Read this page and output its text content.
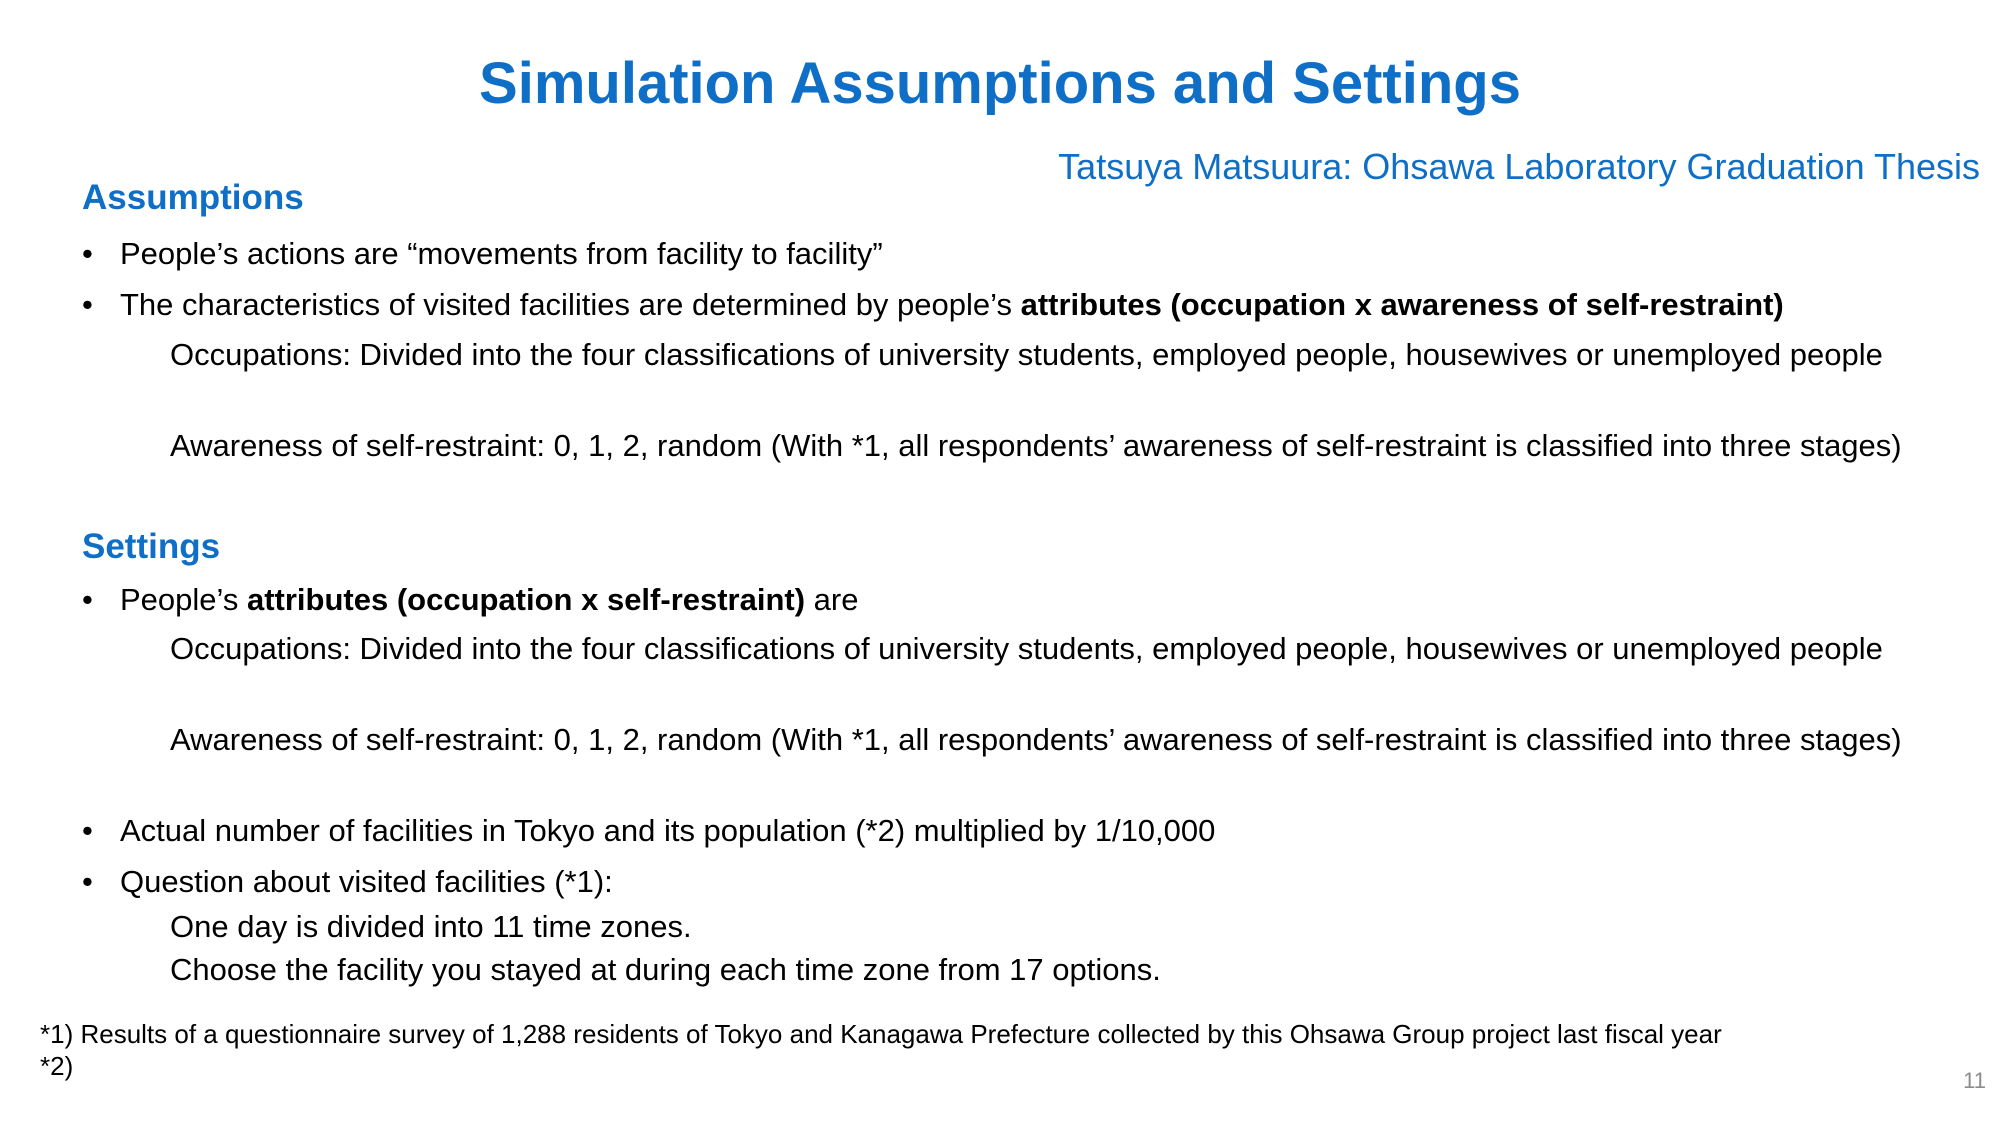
Simulation Assumptions and Settings
Tatsuya Matsuura: Ohsawa Laboratory Graduation Thesis
Assumptions
• People’s actions are “movements from facility to facility”
• The characteristics of visited facilities are determined by people’s attributes (occupation x awareness of self-restraint)
Occupations: Divided into the four classifications of university students, employed people, housewives or unemployed people
Awareness of self-restraint: 0, 1, 2, random (With *1, all respondents’ awareness of self-restraint is classified into three stages)
Settings
• People’s attributes (occupation x self-restraint) are
Occupations: Divided into the four classifications of university students, employed people, housewives or unemployed people
Awareness of self-restraint: 0, 1, 2, random (With *1, all respondents’ awareness of self-restraint is classified into three stages)
• Actual number of facilities in Tokyo and its population (*2) multiplied by 1/10,000
• Question about visited facilities (*1):
One day is divided into 11 time zones.
Choose the facility you stayed at during each time zone from 17 options.
*1) Results of a questionnaire survey of 1,288 residents of Tokyo and Kanagawa Prefecture collected by this Ohsawa Group project last fiscal year
*2)	11
